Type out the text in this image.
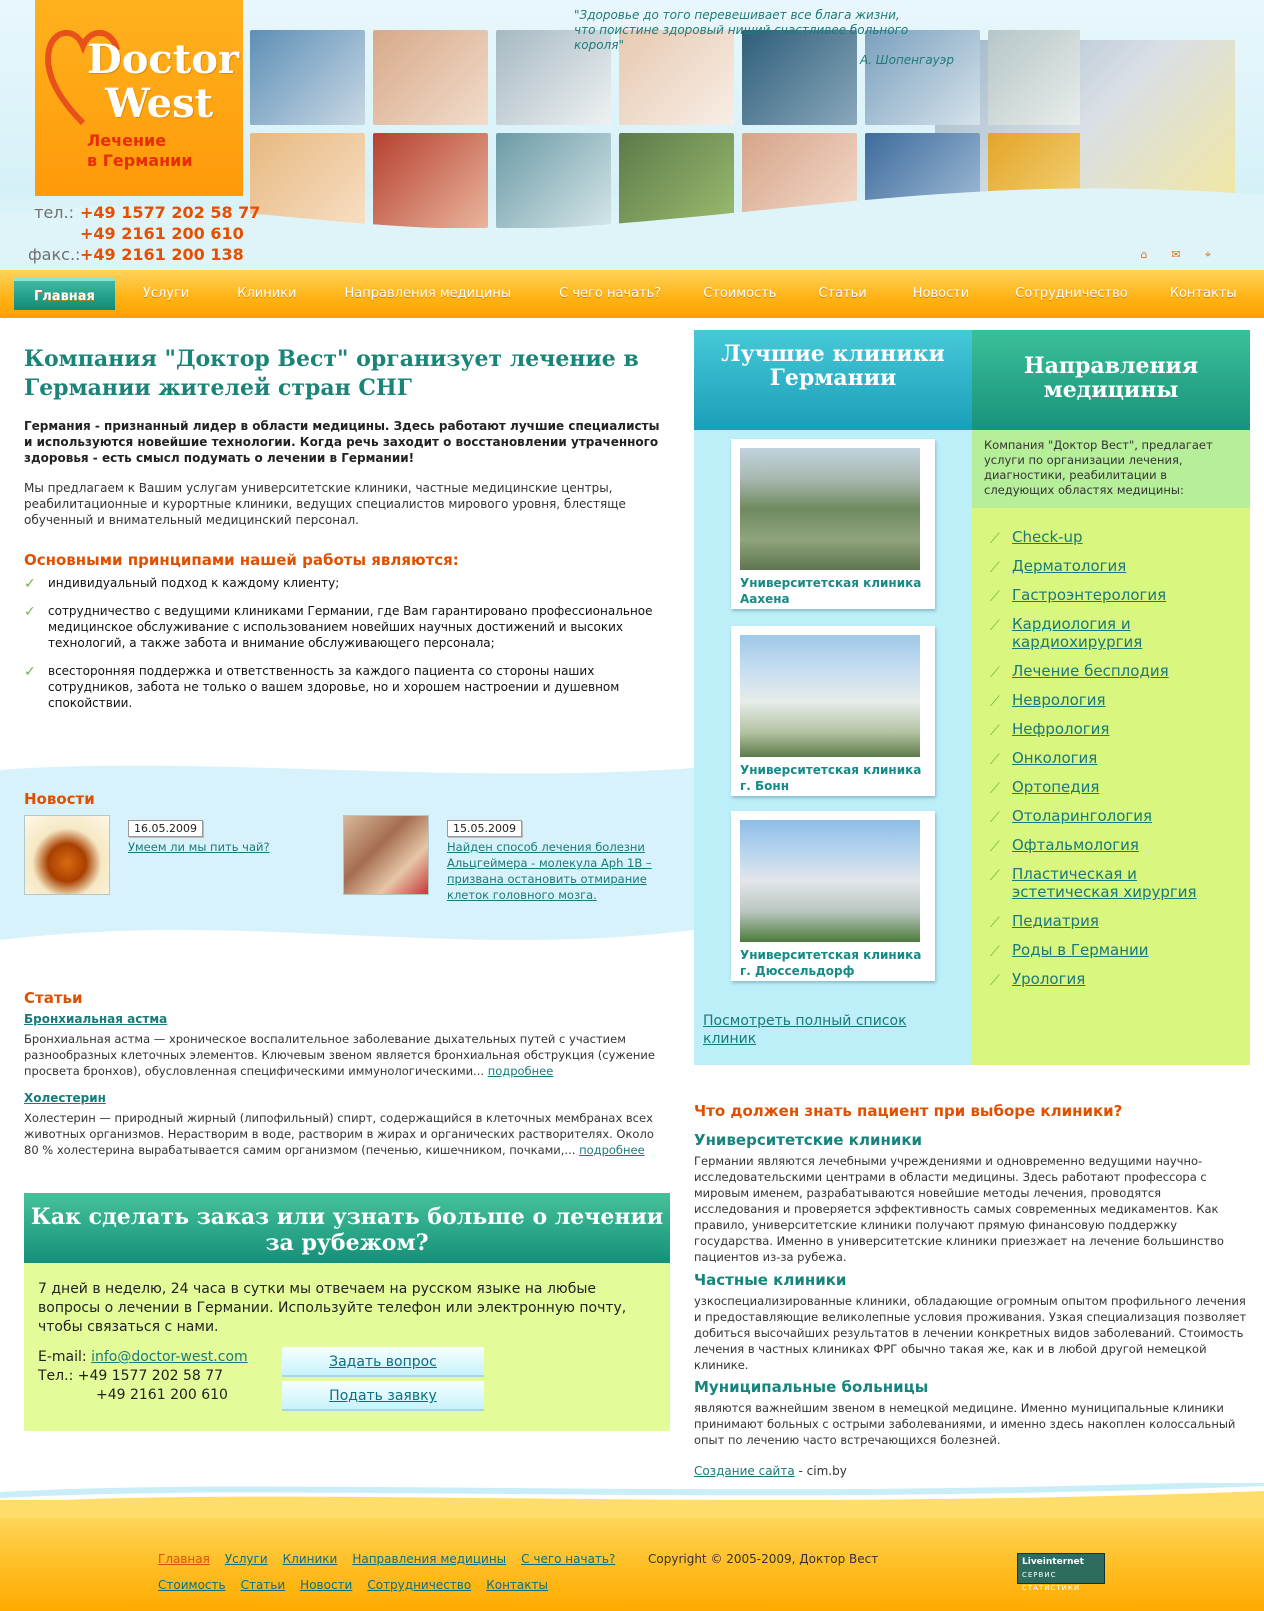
Doctor
West
Лечение
в Германии
"Здоровье до того перевешивает все блага жизни,
что поистине здоровый нищий счастливее больного короля"
А. Шопенгауэр
тел.: +49 1577 202 58 77
+49 2161 200 610
факс.: +49 2161 200 138	⌂	✉	⌖
Главная	Услуги	Клиники	Направления медицины	С чего начать?	Стоимость	Статьи	Новости	Сотрудничество	Контакты
Компания "Доктор Вест" организует лечение в Германии жителей стран СНГ

Германия - признанный лидер в области медицины. Здесь работают лучшие специалисты и используются новейшие технологии. Когда речь заходит о восстановлении утраченного здоровья - есть смысл подумать о лечении в Германии!

Мы предлагаем к Вашим услугам университетские клиники, частные медицинские центры, реабилитационные и курортные клиники, ведущих специалистов мирового уровня, блестяще обученный и внимательный медицинский персонал.

Основными принципами нашей работы являются:
✓	индивидуальный подход к каждому клиенту;
✓	сотрудничество с ведущими клиниками Германии, где Вам гарантировано профессиональное медицинское обслуживание с использованием новейших научных достижений и высоких технологий, а также забота и внимание обслуживающего персонала;
✓	всесторонняя поддержка и ответственность за каждого пациента со стороны наших сотрудников, забота не только о вашем здоровье, но и хорошем настроении и душевном спокойствии.
Новости
16.05.2009
Умеем ли мы пить чай?
15.05.2009
Найден способ лечения болезни Альцгеймера - молекула Aph 1B – призвана остановить отмирание клеток головного мозга.
Статьи
Бронхиальная астма
Бронхиальная астма — хроническое воспалительное заболевание дыхательных путей с участием разнообразных клеточных элементов. Ключевым звеном является бронхиальная обструкция (сужение просвета бронхов), обусловленная специфическими иммунологическими... подробнее
Холестерин
Холестерин — природный жирный (липофильный) спирт, содержащийся в клеточных мембранах всех животных организмов. Нерастворим в воде, растворим в жирах и органических растворителях. Около 80 % холестерина вырабатывается самим организмом (печенью, кишечником, почками,... подробнее
Как сделать заказ или узнать больше о лечении за рубежом?

7 дней в неделю, 24 часа в сутки мы отвечаем на русском языке на любые вопросы о лечении в Германии. Используйте телефон или электронную почту, чтобы связаться с нами.

E-mail: info@doctor-west.com
Тел.: +49 1577 202 58 77
+49 2161 200 610
Задать вопрос
Подать заявку
Лучшие клиники Германии	Направления медицины

Компания "Доктор Вест", предлагает услуги по организации лечения, диагностики, реабилитации в следующих областях медицины:

Университетская клиника Аахена
Университетская клиника г. Бонн
Университетская клиника г. Дюссельдорф
Посмотреть полный список клиник
⟋ Check-up
⟋ Дерматология
⟋ Гастроэнтерология
⟋ Кардиология и кардиохирургия
⟋ Лечение бесплодия
⟋ Неврология
⟋ Нефрология
⟋ Онкология
⟋ Ортопедия
⟋ Отоларингология
⟋ Офтальмология
⟋ Пластическая и эстетическая хирургия
⟋ Педиатрия
⟋ Роды в Германии
⟋ Урология
Что должен знать пациент при выборе клиники?
Университетские клиники

Германии являются лечебными учреждениями и одновременно ведущими научно-исследовательскими центрами в области медицины. Здесь работают профессора с мировым именем, разрабатываются новейшие методы лечения, проводятся исследования и проверяется эффективность самых современных медикаментов. Как правило, университетские клиники получают прямую финансовую поддержку государства. Именно в университетские клиники приезжает на лечение большинство пациентов из-за рубежа.

Частные клиники

узкоспециализированные клиники, обладающие огромным опытом профильного лечения и предоставляющие великолепные условия проживания. Узкая специализация позволяет добиться высочайших результатов в лечении конкретных видов заболеваний. Стоимость лечения в частных клиниках ФРГ обычно такая же, как и в любой другой немецкой клинике.

Муниципальные больницы

являются важнейшим звеном в немецкой медицине. Именно муниципальные клиники принимают больных с острыми заболеваниями, и именно здесь накоплен колоссальный опыт по лечению часто встречающихся болезней.

Создание сайта - cim.by
Главная Услуги Клиники Направления медицины С чего начать?
Стоимость Статьи Новости Сотрудничество Контакты
Copyright © 2005-2009, Доктор Вест	Liveinternet
СЕРВИС СТАТИСТИКИ
